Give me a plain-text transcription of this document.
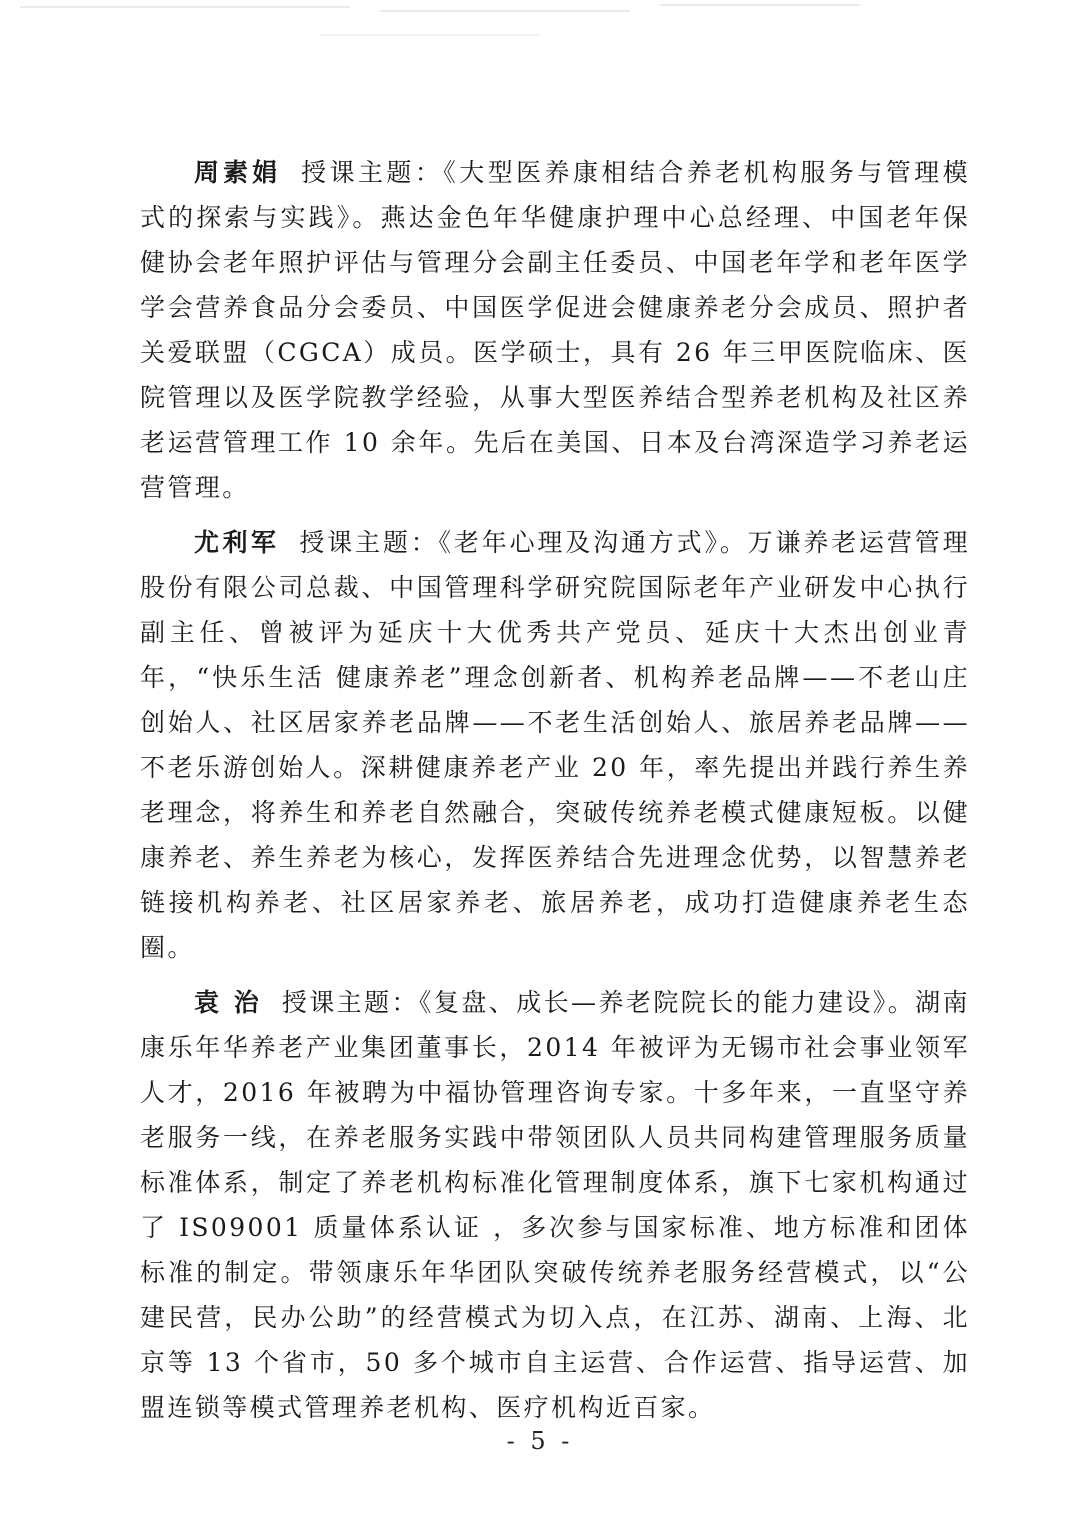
周素娟 授课主题：《大型医养康相结合养老机构服务与管理模式的探索与实践》。燕达金色年华健康护理中心总经理、中国老年保健协会老年照护评估与管理分会副主任委员、中国老年学和老年医学学会营养食品分会委员、中国医学促进会健康养老分会成员、照护者关爱联盟（CGCA）成员。医学硕士，具有 26 年三甲医院临床、医院管理以及医学院教学经验，从事大型医养结合型养老机构及社区养老运营管理工作 10 余年。先后在美国、日本及台湾深造学习养老运营管理。

尤利军 授课主题：《老年心理及沟通方式》。万谦养老运营管理股份有限公司总裁、中国管理科学研究院国际老年产业研发中心执行副主任、曾被评为延庆十大优秀共产党员、延庆十大杰出创业青年，“快乐生活 健康养老”理念创新者、机构养老品牌——不老山庄创始人、社区居家养老品牌——不老生活创始人、旅居养老品牌——不老乐游创始人。深耕健康养老产业 20 年，率先提出并践行养生养老理念，将养生和养老自然融合，突破传统养老模式健康短板。以健康养老、养生养老为核心，发挥医养结合先进理念优势，以智慧养老链接机构养老、社区居家养老、旅居养老，成功打造健康养老生态圈。

袁 治 授课主题：《复盘、成长—养老院院长的能力建设》。湖南康乐年华养老产业集团董事长，2014 年被评为无锡市社会事业领军人才，2016 年被聘为中福协管理咨询专家。十多年来，一直坚守养老服务一线，在养老服务实践中带领团队人员共同构建管理服务质量标准体系，制定了养老机构标准化管理制度体系，旗下七家机构通过了 IS09001 质量体系认证 ，多次参与国家标准、地方标准和团体标准的制定。带领康乐年华团队突破传统养老服务经营模式，以“公建民营，民办公助”的经营模式为切入点，在江苏、湖南、上海、北京等 13 个省市，50 多个城市自主运营、合作运营、指导运营、加盟连锁等模式管理养老机构、医疗机构近百家。

- 5 -
